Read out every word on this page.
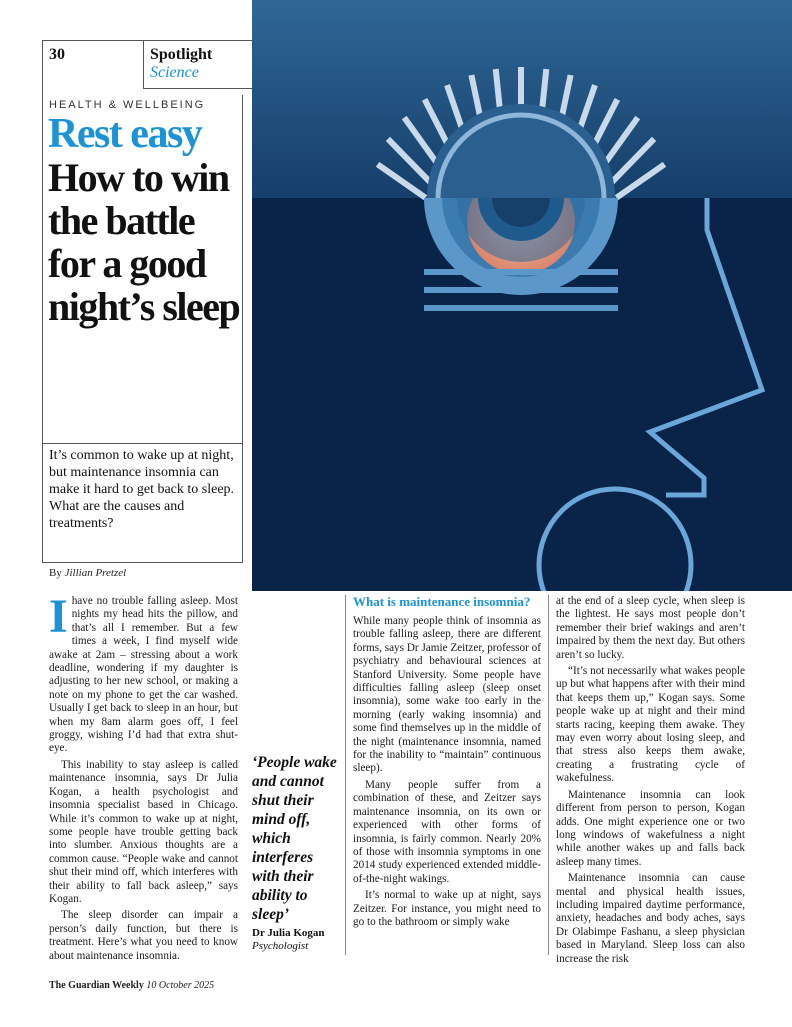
30	Spotlight
Science
HEALTH & WELLBEING
Rest easy
How to win the battle for a good night’s sleep
It’s common to wake up at night, but maintenance insomnia can make it hard to get back to sleep. What are the causes and treatments?
By Jillian Pretzel

Ihave no trouble falling asleep. Most nights my head hits the pillow, and that’s all I remember. But a few times a week, I find myself wide awake at 2am – stressing about a work deadline, wondering if my daughter is adjusting to her new school, or making a note on my phone to get the car washed. Usually I get back to sleep in an hour, but when my 8am alarm goes off, I feel groggy, wishing I’d had that extra shut-eye.

This inability to stay asleep is called maintenance insomnia, says Dr Julia Kogan, a health psychologist and insomnia specialist based in Chicago. While it’s common to wake up at night, some people have trouble getting back into slumber. Anxious thoughts are a common cause. “People wake and cannot shut their mind off, which interferes with their ability to fall back asleep,” says Kogan.

The sleep disorder can impair a person’s daily function, but there is treatment. Here’s what you need to know about maintenance insomnia.

‘People wake and cannot shut their mind off, which interferes with their ability to sleep’
Dr Julia Kogan
Psychologist
What is maintenance insomnia?

While many people think of insomnia as trouble falling asleep, there are different forms, says Dr Jamie Zeitzer, professor of psychiatry and behavioural sciences at Stanford University. Some people have difficulties falling asleep (sleep onset insomnia), some wake too early in the morning (early waking insomnia) and some find themselves up in the middle of the night (maintenance insomnia, named for the inability to “maintain” continuous sleep).

Many people suffer from a combination of these, and Zeitzer says maintenance insomnia, on its own or experienced with other forms of insomnia, is fairly common. Nearly 20% of those with insomnia symptoms in one 2014 study experienced extended middle-of-the-night wakings.

It’s normal to wake up at night, says Zeitzer. For instance, you might need to go to the bathroom or simply wake

at the end of a sleep cycle, when sleep is the lightest. He says most people don’t remember their brief wakings and aren’t impaired by them the next day. But others aren’t so lucky.

“It’s not necessarily what wakes people up but what happens after with their mind that keeps them up,” Kogan says. Some people wake up at night and their mind starts racing, keeping them awake. They may even worry about losing sleep, and that stress also keeps them awake, creating a frustrating cycle of wakefulness.

Maintenance insomnia can look different from person to person, Kogan adds. One might experience one or two long windows of wakefulness a night while another wakes up and falls back asleep many times.

Maintenance insomnia can cause mental and physical health issues, including impaired daytime performance, anxiety, headaches and body aches, says Dr Olabimpe Fashanu, a sleep physician based in Maryland. Sleep loss can also increase the risk

The Guardian Weekly 10 October 2025
